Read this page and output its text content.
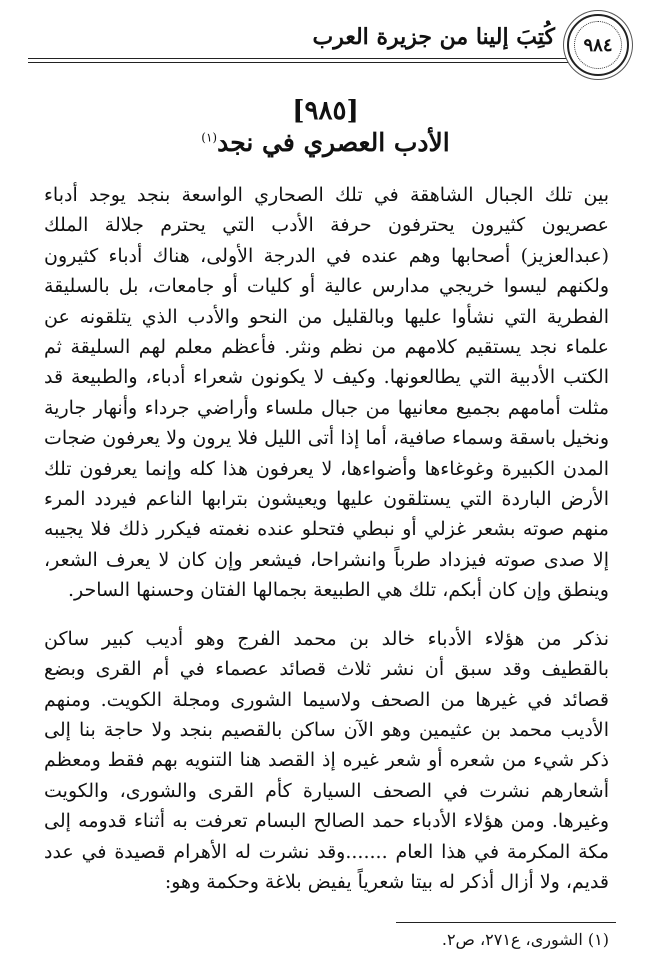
٩٨٤
كُتِبَ إلينا من جزيرة العرب
[٩٨٥]
الأدب العصري في نجد$^{(١)}$

بين تلك الجبال الشاهقة في تلك الصحاري الواسعة بنجد يوجد أدباء عصريون كثيرون يحترفون حرفة الأدب التي يحترم جلالة الملك (عبدالعزيز) أصحابها وهم عنده في الدرجة الأولى، هناك أدباء كثيرون ولكنهم ليسوا خريجي مدارس عالية أو كليات أو جامعات، بل بالسليقة الفطرية التي نشأوا عليها وبالقليل من النحو والأدب الذي يتلقونه عن علماء نجد يستقيم كلامهم من نظم ونثر. فأعظم معلم لهم السليقة ثم الكتب الأدبية التي يطالعونها. وكيف لا يكونون شعراء أدباء، والطبيعة قد مثلت أمامهم بجميع معانيها من جبال ملساء وأراضي جرداء وأنهار جارية ونخيل باسقة وسماء صافية، أما إذا أتى الليل فلا يرون ولا يعرفون ضجات المدن الكبيرة وغوغاءها وأضواءها، لا يعرفون هذا كله وإنما يعرفون تلك الأرض الباردة التي يستلقون عليها ويعيشون بترابها الناعم فيردد المرء منهم صوته بشعر غزلي أو نبطي فتحلو عنده نغمته فيكرر ذلك فلا يجيبه إلا صدى صوته فيزداد طرباً وانشراحا، فيشعر وإن كان لا يعرف الشعر، وينطق وإن كان أبكم، تلك هي الطبيعة بجمالها الفتان وحسنها الساحر.

نذكر من هؤلاء الأدباء خالد بن محمد الفرج وهو أديب كبير ساكن بالقطيف وقد سبق أن نشر ثلاث قصائد عصماء في أم القرى وبضع قصائد في غيرها من الصحف ولاسيما الشورى ومجلة الكويت. ومنهم الأديب محمد بن عثيمين وهو الآن ساكن بالقصيم بنجد ولا حاجة بنا إلى ذكر شيء من شعره أو شعر غيره إذ القصد هنا التنويه بهم فقط ومعظم أشعارهم نشرت في الصحف السيارة كأم القرى والشورى، والكويت وغيرها. ومن هؤلاء الأدباء حمد الصالح البسام تعرفت به أثناء قدومه إلى مكة المكرمة في هذا العام .......وقد نشرت له الأهرام قصيدة في عدد قديم، ولا أزال أذكر له بيتا شعرياً يفيض بلاغة وحكمة وهو:

(١) الشورى، ع٢٧١، ص٢.
